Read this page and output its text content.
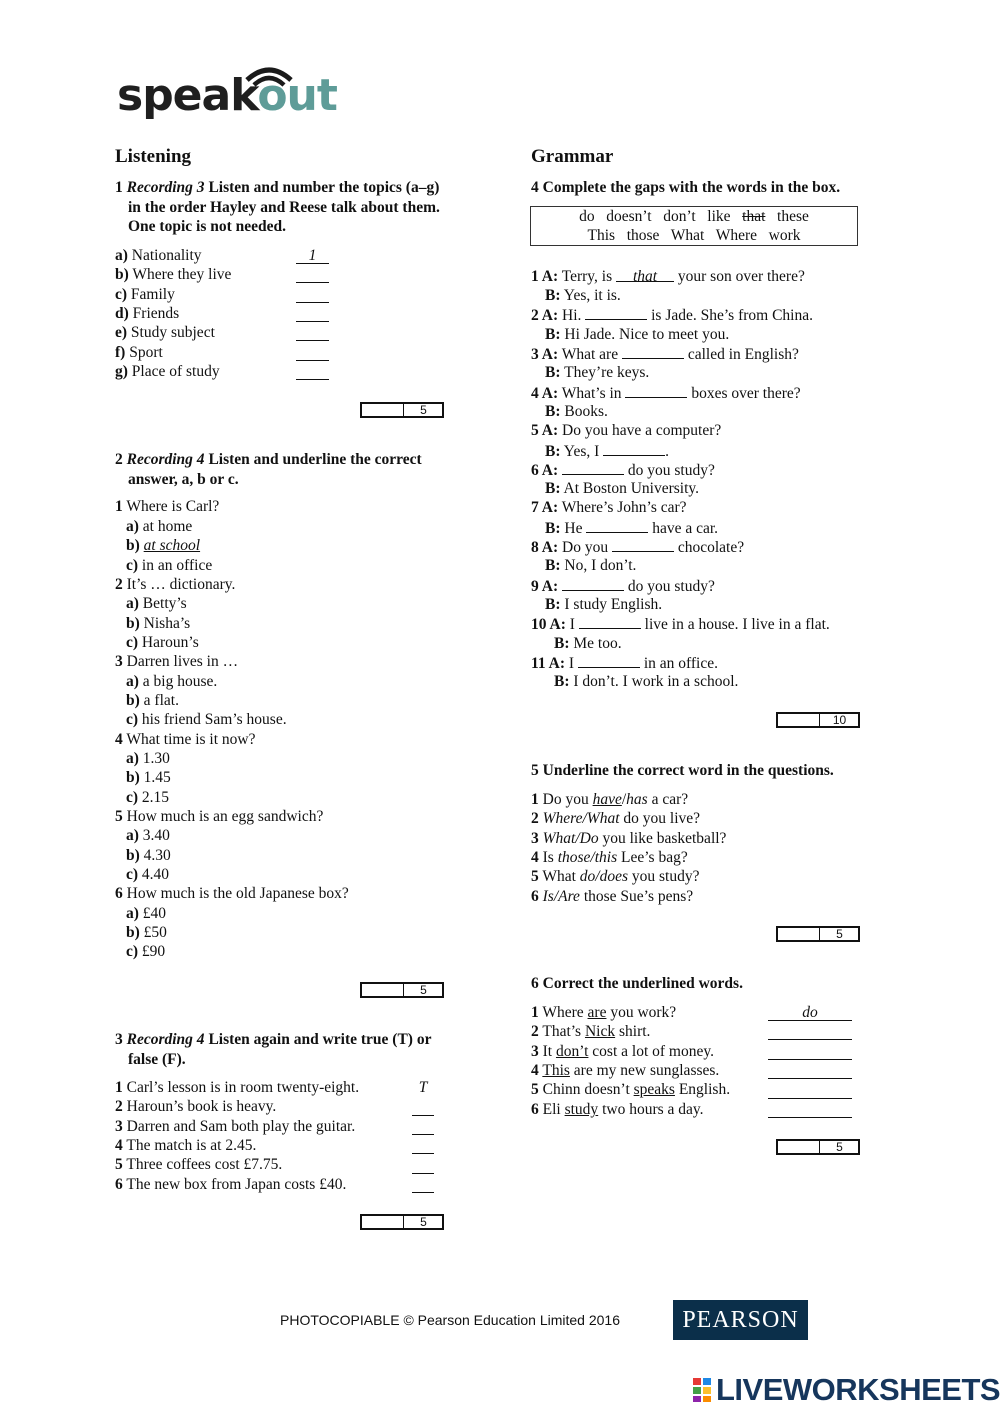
speakout
Listening
1 Recording 3 Listen and number the topics (a–g)
in the order Hayley and Reese talk about them.
One topic is not needed.
a) Nationality	1
b) Where they live
c) Family
d) Friends
e) Study subject
f) Sport
g) Place of study
5
2 Recording 4 Listen and underline the correct
answer, a, b or c.
1 Where is Carl?
a) at home
b) at school
c) in an office
2 It’s … dictionary.
a) Betty’s
b) Nisha’s
c) Haroun’s
3 Darren lives in …
a) a big house.
b) a flat.
c) his friend Sam’s house.
4 What time is it now?
a) 1.30
b) 1.45
c) 2.15
5 How much is an egg sandwich?
a) 3.40
b) 4.30
c) 4.40
6 How much is the old Japanese box?
a) £40
b) £50
c) £90
5
3 Recording 4 Listen again and write true (T) or
false (F).
1 Carl’s lesson is in room twenty-eight.	T
2 Haroun’s book is heavy.
3 Darren and Sam both play the guitar.
4 The match is at 2.45.
5 Three coffees cost £7.75.
6 The new box from Japan costs £40.
5
Grammar
4 Complete the gaps with the words in the box.
do doesn’t don’t like that these
This those What Where work
1 A: Terry, is that your son over there?
B: Yes, it is.
2 A: Hi.	is Jade. She’s from China.
B: Hi Jade. Nice to meet you.
3 A: What are	called in English?
B: They’re keys.
4 A: What’s in	boxes over there?
B: Books.
5 A: Do you have a computer?
B: Yes, I	.
6 A:	do you study?
B: At Boston University.
7 A: Where’s John’s car?
B: He	have a car.
8 A: Do you	chocolate?
B: No, I don’t.
9 A:	do you study?
B: I study English.
10 A: I	live in a house. I live in a flat.
B: Me too.
11 A: I	in an office.
B: I don’t. I work in a school.
10
5 Underline the correct word in the questions.
1 Do you have/has a car?
2 Where/What do you live?
3 What/Do you like basketball?
4 Is those/this Lee’s bag?
5 What do/does you study?
6 Is/Are those Sue’s pens?
5
6 Correct the underlined words.
1 Where are you work?	do
2 That’s Nick shirt.
3 It don’t cost a lot of money.
4 This are my new sunglasses.
5 Chinn doesn’t speaks English.
6 Eli study two hours a day.
5
PHOTOCOPIABLE © Pearson Education Limited 2016	PEARSON
LIVEWORKSHEETS
